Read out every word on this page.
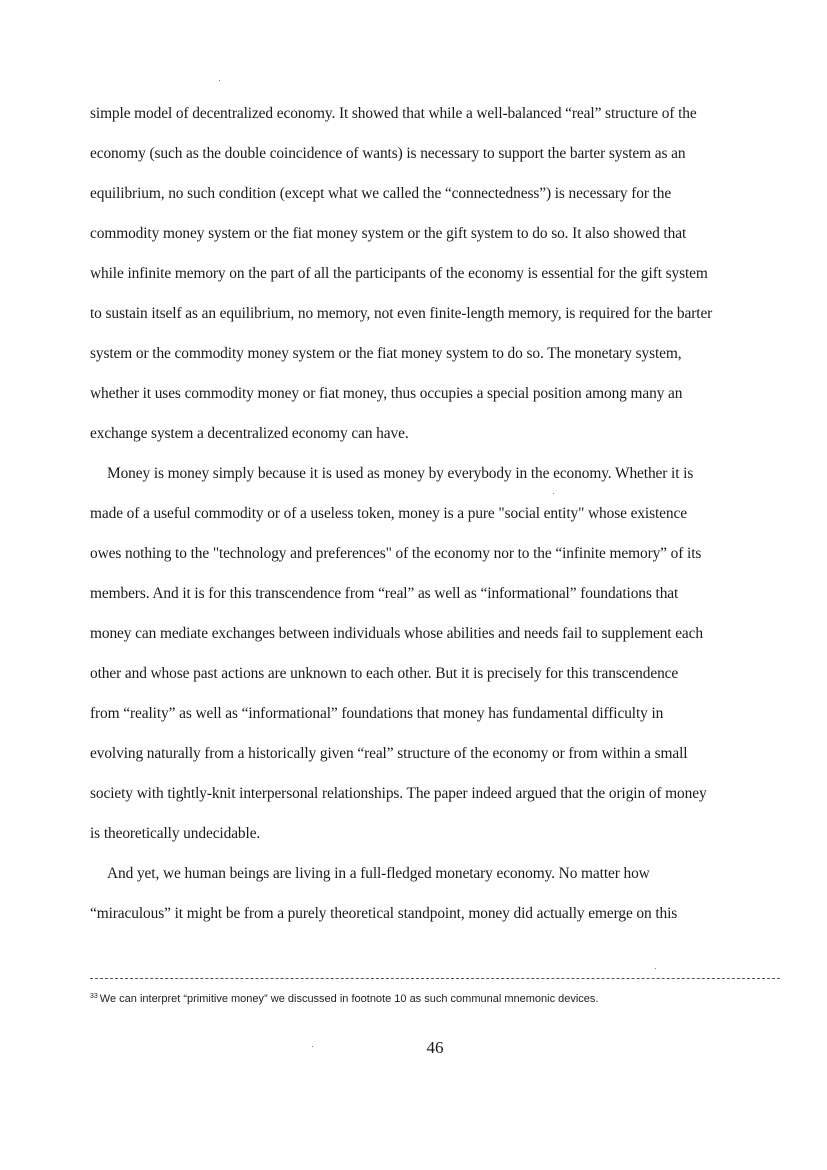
simple model of decentralized economy. It showed that while a well-balanced “real” structure of the
economy (such as the double coincidence of wants) is necessary to support the barter system as an
equilibrium, no such condition (except what we called the “connectedness”) is necessary for the
commodity money system or the fiat money system or the gift system to do so. It also showed that
while infinite memory on the part of all the participants of the economy is essential for the gift system
to sustain itself as an equilibrium, no memory, not even finite-length memory, is required for the barter
system or the commodity money system or the fiat money system to do so. The monetary system,
whether it uses commodity money or fiat money, thus occupies a special position among many an
exchange system a decentralized economy can have.
Money is money simply because it is used as money by everybody in the economy. Whether it is
made of a useful commodity or of a useless token, money is a pure "social entity" whose existence
owes nothing to the "technology and preferences" of the economy nor to the “infinite memory” of its
members. And it is for this transcendence from “real” as well as “informational” foundations that
money can mediate exchanges between individuals whose abilities and needs fail to supplement each
other and whose past actions are unknown to each other. But it is precisely for this transcendence
from “reality” as well as “informational” foundations that money has fundamental difficulty in
evolving naturally from a historically given “real” structure of the economy or from within a small
society with tightly-knit interpersonal relationships. The paper indeed argued that the origin of money
is theoretically undecidable.
And yet, we human beings are living in a full-fledged monetary economy. No matter how
“miraculous” it might be from a purely theoretical standpoint, money did actually emerge on this
$^{33}$ We can interpret “primitive money” we discussed in footnote 10 as such communal mnemonic devices.
46
